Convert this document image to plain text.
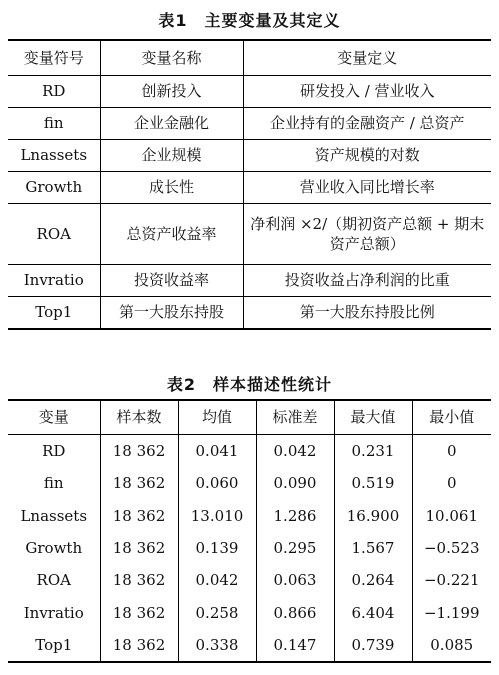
表1　主要变量及其定义
变量符号	变量名称	变量定义
RD	创新投入	研发投入 / 营业收入
fin	企业金融化	企业持有的金融资产 / 总资产
Lnassets	企业规模	资产规模的对数
Growth	成长性	营业收入同比增长率
ROA	总资产收益率	净利润 ×2/（期初资产总额 + 期末资产总额）
Invratio	投资收益率	投资收益占净利润的比重
Top1	第一大股东持股	第一大股东持股比例
表2　样本描述性统计
变量	样本数	均值	标准差	最大值	最小值
RD	18 362	0.041	0.042	0.231	0
fin	18 362	0.060	0.090	0.519	0
Lnassets	18 362	13.010	1.286	16.900	10.061
Growth	18 362	0.139	0.295	1.567	−0.523
ROA	18 362	0.042	0.063	0.264	−0.221
Invratio	18 362	0.258	0.866	6.404	−1.199
Top1	18 362	0.338	0.147	0.739	0.085
